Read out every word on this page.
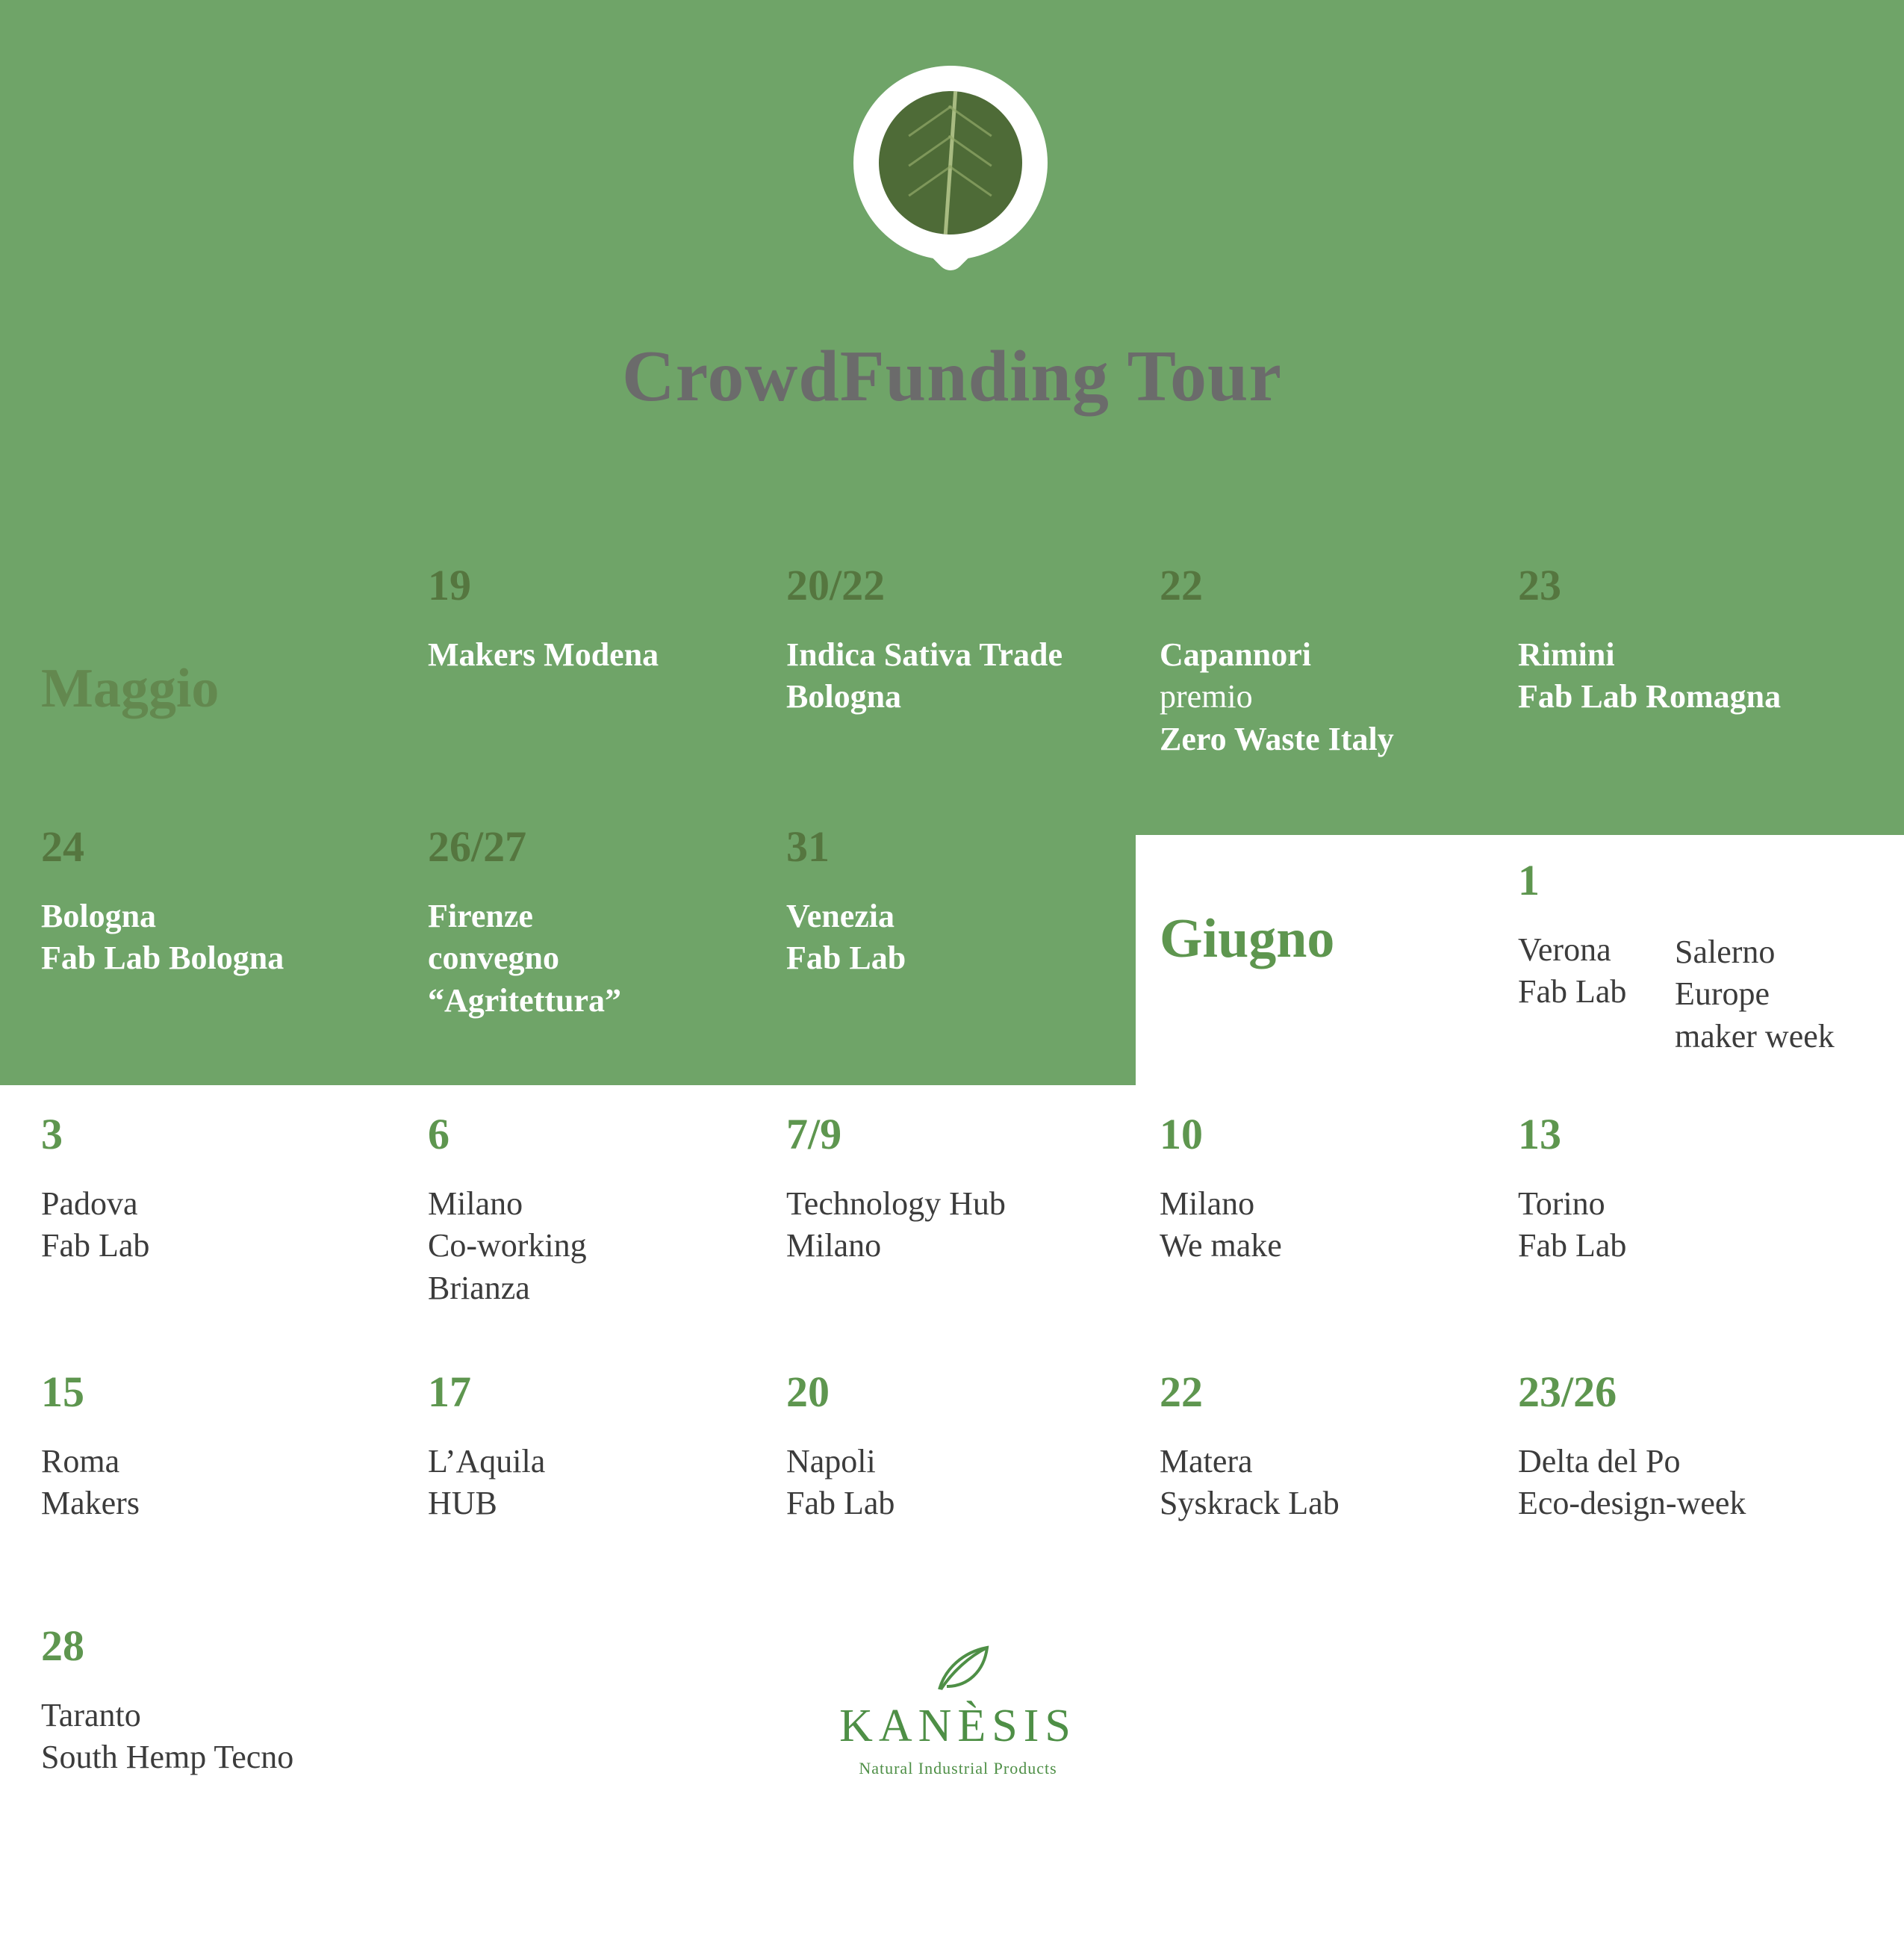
CrowdFunding Tour
Maggio
19
Makers Modena
20/22
Indica Sativa Trade
Bologna
22
Capannori
premio
Zero Waste Italy
23
Rimini
Fab Lab Romagna
24
Bologna
Fab Lab Bologna
26/27
Firenze
convegno
“Agritettura”
31
Venezia
Fab Lab	Giugno
1
Verona
Fab Lab
Salerno
Europe
maker week
3
Padova
Fab Lab
6
Milano
Co-working
Brianza
7/9
Technology Hub
Milano
10
Milano
We make
13
Torino
Fab Lab
15
Roma
Makers
17
L’Aquila
HUB
20
Napoli
Fab Lab
22
Matera
Syskrack Lab
23/26
Delta del Po
Eco-design-week
28
Taranto
South Hemp Tecno
KANÈSIS
Natural Industrial Products
